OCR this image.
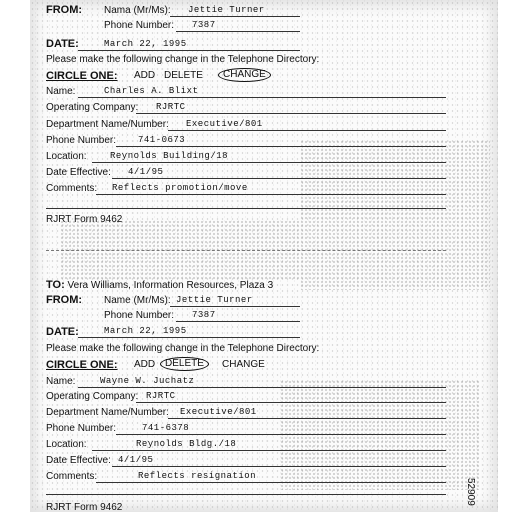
FROM: Nama (Mr/Ms): Jettie Turner
Phone Number: 7387
DATE:	March 22, 1995
Please make the following change in the Telephone Directory:
CIRCLE ONE: ADD DELETE	CHANGE
Name:	Charles A. Blixt
Operating Company: RJRTC
Department Name/Number: Executive/801
Phone Number: 741-0673
Location:	Reynolds Building/18
Date Effective: 4/1/95
Comments: Reflects promotion/move
RJRT Form 9462
TO: Vera Williams, Information Resources, Plaza 3
FROM: Name (Mr/Ms): Jettie Turner
Phone Number: 7387
DATE:	March 22, 1995
Please make the following change in the Telephone Directory:
CIRCLE ONE: ADD DELETE	CHANGE
Name:	Wayne W. Juchatz
Operating Company: RJRTC
Department Name/Number: Executive/801
Phone Number:	741-6378
Location:	Reynolds Bldg./18
Date Effective: 4/1/95
Comments:	Reflects resignation
RJRT Form 9462
52909
